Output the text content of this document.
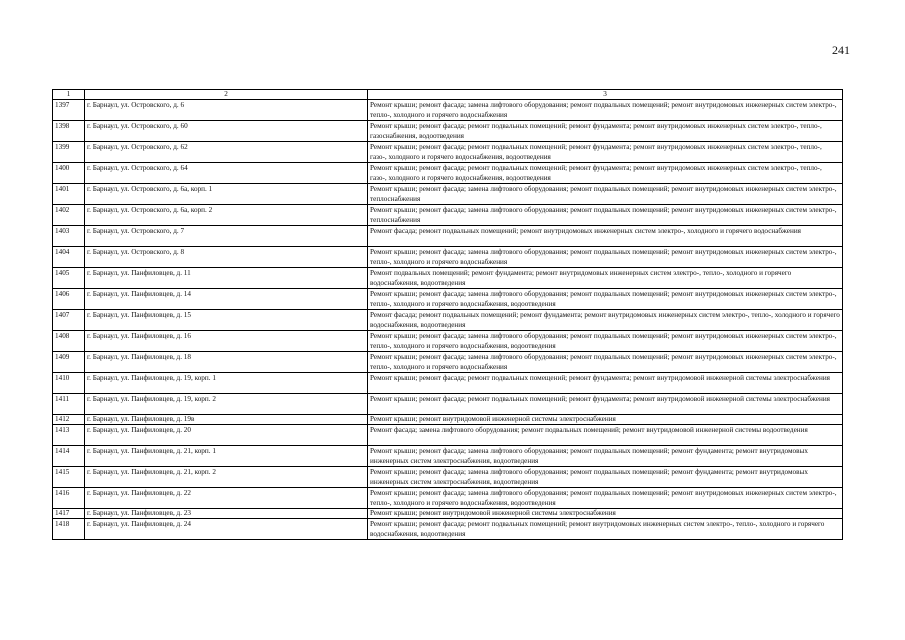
241
1	2	3
1397	г. Барнаул, ул. Островского, д. 6	Ремонт крыши; ремонт фасада; замена лифтового оборудования; ремонт подвальных помещений; ремонт внутридомовых инженерных систем электро-, тепло-, холодного и горячего водоснабжения
1398	г. Барнаул, ул. Островского, д. 60	Ремонт крыши; ремонт фасада; ремонт подвальных помещений; ремонт фундамента; ремонт внутридомовых инженерных систем электро-, тепло-, газоснабжения, водоотведения
1399	г. Барнаул, ул. Островского, д. 62	Ремонт крыши; ремонт фасада; ремонт подвальных помещений; ремонт фундамента; ремонт внутридомовых инженерных систем электро-, тепло-, газо-, холодного и горячего водоснабжения, водоотведения
1400	г. Барнаул, ул. Островского, д. 64	Ремонт крыши; ремонт фасада; ремонт подвальных помещений; ремонт фундамента; ремонт внутридомовых инженерных систем электро-, тепло-, газо-, холодного и горячего водоснабжения, водоотведения
1401	г. Барнаул, ул. Островского, д. 6а, корп. 1	Ремонт крыши; ремонт фасада; замена лифтового оборудования; ремонт подвальных помещений; ремонт внутридомовых инженерных систем электро-, теплоснабжения
1402	г. Барнаул, ул. Островского, д. 6а, корп. 2	Ремонт крыши; ремонт фасада; замена лифтового оборудования; ремонт подвальных помещений; ремонт внутридомовых инженерных систем электро-, теплоснабжения
1403	г. Барнаул, ул. Островского, д. 7	Ремонт фасада; ремонт подвальных помещений; ремонт внутридомовых инженерных систем электро-, холодного и горячего водоснабжения
1404	г. Барнаул, ул. Островского, д. 8	Ремонт крыши; ремонт фасада; замена лифтового оборудования; ремонт подвальных помещений; ремонт внутридомовых инженерных систем электро-, тепло-, холодного и горячего водоснабжения
1405	г. Барнаул, ул. Панфиловцев, д. 11	Ремонт подвальных помещений; ремонт фундамента; ремонт внутридомовых инженерных систем электро-, тепло-, холодного и горячего водоснабжения, водоотведения
1406	г. Барнаул, ул. Панфиловцев, д. 14	Ремонт крыши; ремонт фасада; замена лифтового оборудования; ремонт подвальных помещений; ремонт внутридомовых инженерных систем электро-, тепло-, холодного и горячего водоснабжения, водоотведения
1407	г. Барнаул, ул. Панфиловцев, д. 15	Ремонт фасада; ремонт подвальных помещений; ремонт фундамента; ремонт внутридомовых инженерных систем электро-, тепло-, холодного и горячего водоснабжения, водоотведения
1408	г. Барнаул, ул. Панфиловцев, д. 16	Ремонт крыши; ремонт фасада; замена лифтового оборудования; ремонт подвальных помещений; ремонт внутридомовых инженерных систем электро-, тепло-, холодного и горячего водоснабжения, водоотведения
1409	г. Барнаул, ул. Панфиловцев, д. 18	Ремонт крыши; ремонт фасада; замена лифтового оборудования; ремонт подвальных помещений; ремонт внутридомовых инженерных систем электро-, тепло-, холодного и горячего водоснабжения
1410	г. Барнаул, ул. Панфиловцев, д. 19, корп. 1	Ремонт крыши; ремонт фасада; ремонт подвальных помещений; ремонт фундамента; ремонт внутридомовой инженерной системы электроснабжения
1411	г. Барнаул, ул. Панфиловцев, д. 19, корп. 2	Ремонт крыши; ремонт фасада; ремонт подвальных помещений; ремонт фундамента; ремонт внутридомовой инженерной системы электроснабжения
1412	г. Барнаул, ул. Панфиловцев, д. 19в	Ремонт крыши; ремонт внутридомовой инженерной системы электроснабжения
1413	г. Барнаул, ул. Панфиловцев, д. 20	Ремонт фасада; замена лифтового оборудования; ремонт подвальных помещений; ремонт внутридомовой инженерной системы водоотведения
1414	г. Барнаул, ул. Панфиловцев, д. 21, корп. 1	Ремонт крыши; ремонт фасада; замена лифтового оборудования; ремонт подвальных помещений; ремонт фундамента; ремонт внутридомовых инженерных систем электроснабжения, водоотведения
1415	г. Барнаул, ул. Панфиловцев, д. 21, корп. 2	Ремонт крыши; ремонт фасада; замена лифтового оборудования; ремонт подвальных помещений; ремонт фундамента; ремонт внутридомовых инженерных систем электроснабжения, водоотведения
1416	г. Барнаул, ул. Панфиловцев, д. 22	Ремонт крыши; ремонт фасада; замена лифтового оборудования; ремонт подвальных помещений; ремонт внутридомовых инженерных систем электро-, тепло-, холодного и горячего водоснабжения, водоотведения
1417	г. Барнаул, ул. Панфиловцев, д. 23	Ремонт крыши; ремонт внутридомовой инженерной системы электроснабжения
1418	г. Барнаул, ул. Панфиловцев, д. 24	Ремонт крыши; ремонт фасада; ремонт подвальных помещений; ремонт внутридомовых инженерных систем электро-, тепло-, холодного и горячего водоснабжения, водоотведения
